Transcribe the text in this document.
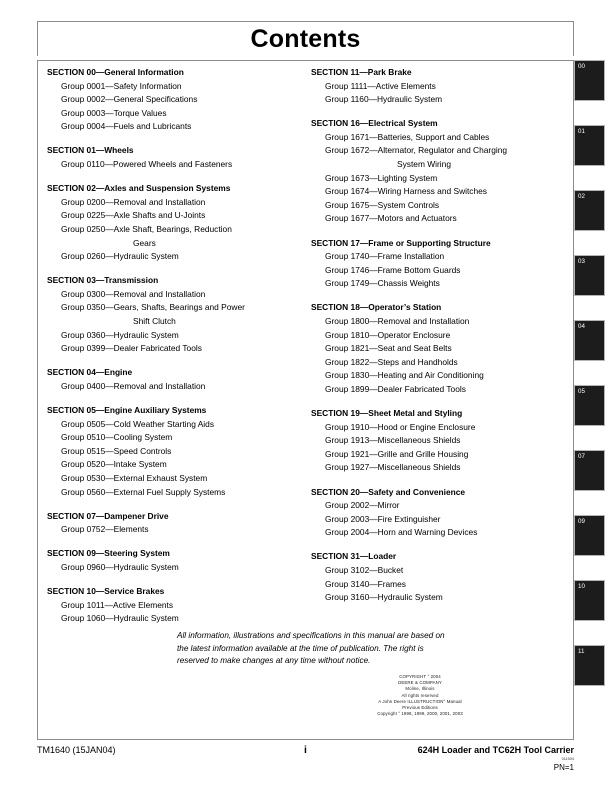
Contents
SECTION 00—General Information
Group 0001—Safety Information
Group 0002—General Specifications
Group 0003—Torque Values
Group 0004—Fuels and Lubricants
SECTION 01—Wheels
Group 0110—Powered Wheels and Fasteners
SECTION 02—Axles and Suspension Systems
Group 0200—Removal and Installation
Group 0225—Axle Shafts and U-Joints
Group 0250—Axle Shaft, Bearings, Reduction
Gears
Group 0260—Hydraulic System
SECTION 03—Transmission
Group 0300—Removal and Installation
Group 0350—Gears, Shafts, Bearings and Power
Shift Clutch
Group 0360—Hydraulic System
Group 0399—Dealer Fabricated Tools
SECTION 04—Engine
Group 0400—Removal and Installation
SECTION 05—Engine Auxiliary Systems
Group 0505—Cold Weather Starting Aids
Group 0510—Cooling System
Group 0515—Speed Controls
Group 0520—Intake System
Group 0530—External Exhaust System
Group 0560—External Fuel Supply Systems
SECTION 07—Dampener Drive
Group 0752—Elements
SECTION 09—Steering System
Group 0960—Hydraulic System
SECTION 10—Service Brakes
Group 1011—Active Elements
Group 1060—Hydraulic System
SECTION 11—Park Brake
Group 1111—Active Elements
Group 1160—Hydraulic System
SECTION 16—Electrical System
Group 1671—Batteries, Support and Cables
Group 1672—Alternator, Regulator and Charging
System Wiring
Group 1673—Lighting System
Group 1674—Wiring Harness and Switches
Group 1675—System Controls
Group 1677—Motors and Actuators
SECTION 17—Frame or Supporting Structure
Group 1740—Frame Installation
Group 1746—Frame Bottom Guards
Group 1749—Chassis Weights
SECTION 18—Operator’s Station
Group 1800—Removal and Installation
Group 1810—Operator Enclosure
Group 1821—Seat and Seat Belts
Group 1822—Steps and Handholds
Group 1830—Heating and Air Conditioning
Group 1899—Dealer Fabricated Tools
SECTION 19—Sheet Metal and Styling
Group 1910—Hood or Engine Enclosure
Group 1913—Miscellaneous Shields
Group 1921—Grille and Grille Housing
Group 1927—Miscellaneous Shields
SECTION 20—Safety and Convenience
Group 2002—Mirror
Group 2003—Fire Extinguisher
Group 2004—Horn and Warning Devices
SECTION 31—Loader
Group 3102—Bucket
Group 3140—Frames
Group 3160—Hydraulic System
All information, illustrations and specifications in this manual are based on
the latest information available at the time of publication. The right is
reserved to make changes at any time without notice.
COPYRIGHT ° 2004
DEERE & COMPANY
Moline, Illinois
All rights reserved
A John Deere ILLUSTRUCTION° Manual
Previous Editions
Copyright ° 1998, 1999, 2000, 2001, 2003
TM1640 (15JAN04)	i	624H Loader and TC62H Tool Carrier
011504
PN=1
00
01
02
03
04
05
07
09
10
11
